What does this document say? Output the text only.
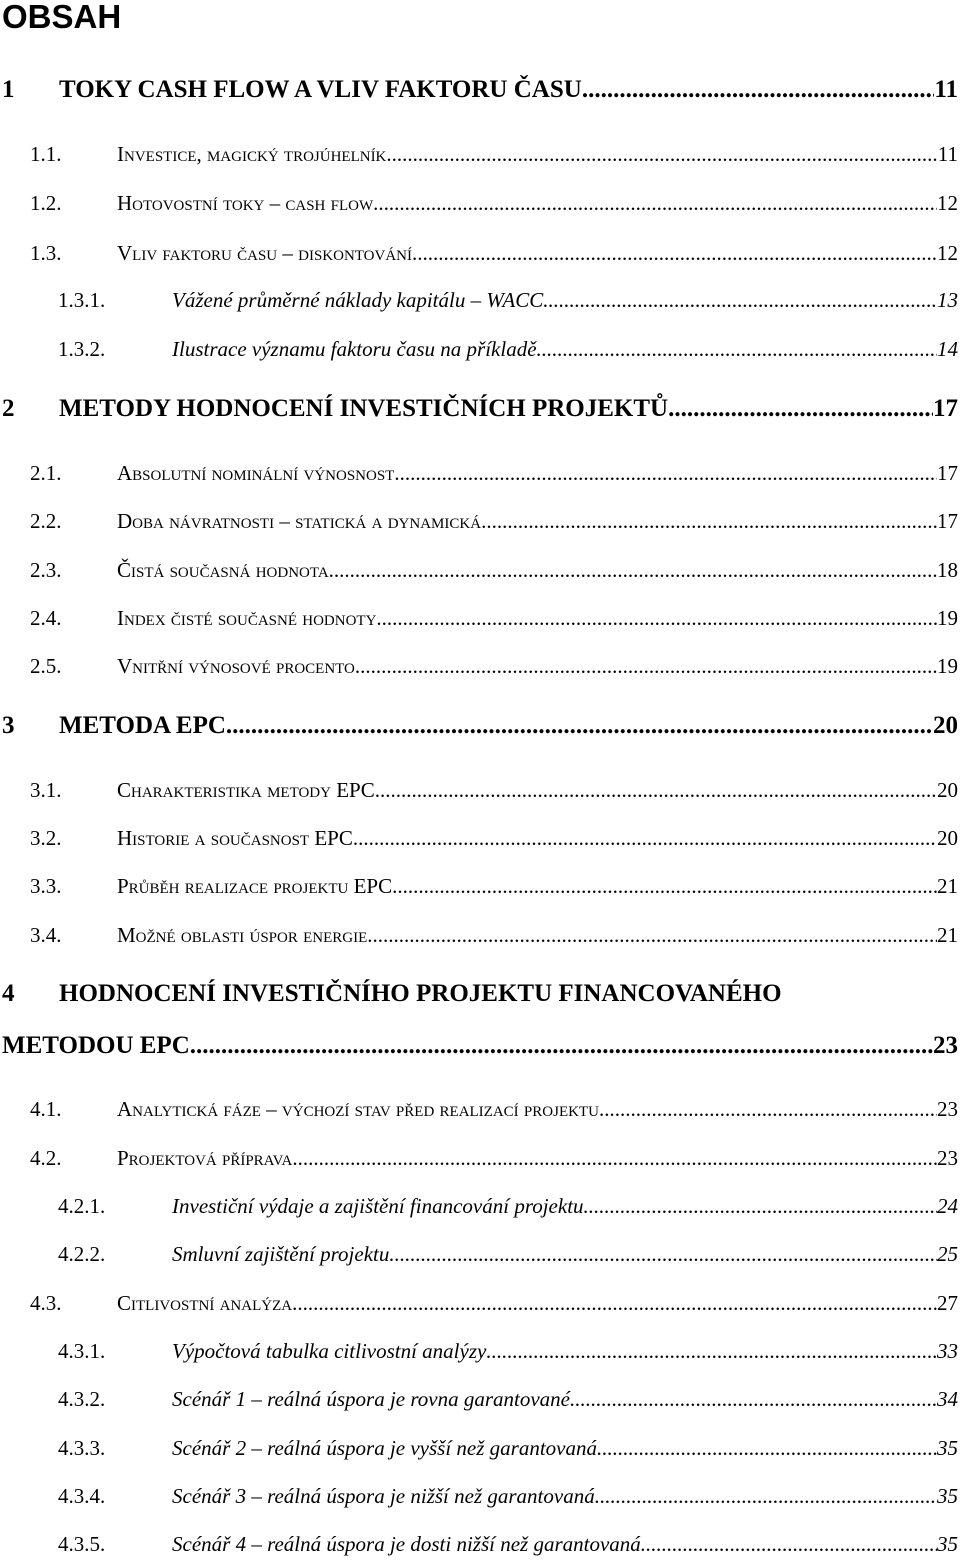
OBSAH
1	TOKY CASH FLOW A VLIV FAKTORU ČASU .....	11
1.1.	Investice, magický trojúhelník .....	11
1.2.	Hotovostní toky – cash flow .....	12
1.3.	Vliv faktoru času – diskontování .....	12
1.3.1.	Vážené průměrné náklady kapitálu – WACC .....	13
1.3.2.	Ilustrace významu faktoru času na příkladě .....	14
2	METODY HODNOCENÍ INVESTIČNÍCH PROJEKTŮ .....	17
2.1.	Absolutní nominální výnosnost .....	17
2.2.	Doba návratnosti – statická a dynamická .....	17
2.3.	Čistá současná hodnota .....	18
2.4.	Index čisté současné hodnoty .....	19
2.5.	Vnitřní výnosové procento .....	19
3	METODA EPC .....	20
3.1.	Charakteristika metody EPC .....	20
3.2.	Historie a současnost EPC .....	20
3.3.	Průběh realizace projektu EPC .....	21
3.4.	Možné oblasti úspor energie .....	21
4 HODNOCENÍ INVESTIČNÍHO PROJEKTU FINANCOVANÉHO
METODOU EPC .....	23
4.1.	Analytická fáze – výchozí stav před realizací projektu .....	23
4.2.	Projektová příprava .....	23
4.2.1.	Investiční výdaje a zajištění financování projektu .....	24
4.2.2.	Smluvní zajištění projektu .....	25
4.3.	Citlivostní analýza .....	27
4.3.1.	Výpočtová tabulka citlivostní analýzy .....	33
4.3.2.	Scénář 1 – reálná úspora je rovna garantované .....	34
4.3.3.	Scénář 2 – reálná úspora je vyšší než garantovaná .....	35
4.3.4.	Scénář 3 – reálná úspora je nižší než garantovaná .....	35
4.3.5.	Scénář 4 – reálná úspora je dosti nižší než garantovaná .....	35
